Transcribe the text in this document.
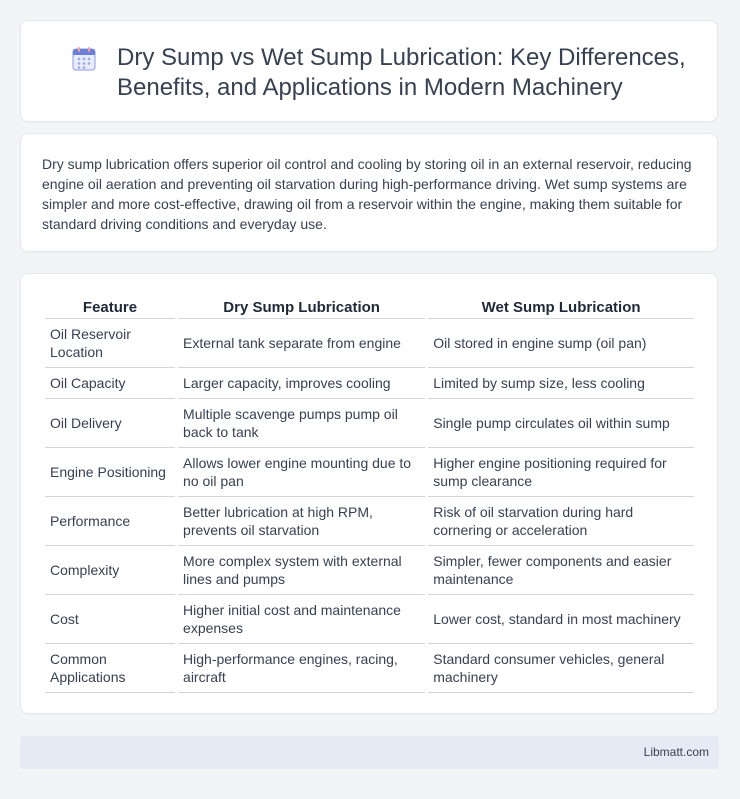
Dry Sump vs Wet Sump Lubrication: Key Differences, Benefits, and Applications in Modern Machinery

Dry sump lubrication offers superior oil control and cooling by storing oil in an external reservoir, reducing engine oil aeration and preventing oil starvation during high-performance driving. Wet sump systems are simpler and more cost-effective, drawing oil from a reservoir within the engine, making them suitable for standard driving conditions and everyday use.

Feature	Dry Sump Lubrication	Wet Sump Lubrication
Oil Reservoir Location	External tank separate from engine	Oil stored in engine sump (oil pan)
Oil Capacity	Larger capacity, improves cooling	Limited by sump size, less cooling
Oil Delivery	Multiple scavenge pumps pump oil back to tank	Single pump circulates oil within sump
Engine Positioning	Allows lower engine mounting due to no oil pan	Higher engine positioning required for sump clearance
Performance	Better lubrication at high RPM, prevents oil starvation	Risk of oil starvation during hard cornering or acceleration
Complexity	More complex system with external lines and pumps	Simpler, fewer components and easier maintenance
Cost	Higher initial cost and maintenance expenses	Lower cost, standard in most machinery
Common Applications	High-performance engines, racing, aircraft	Standard consumer vehicles, general machinery
Libmatt.com
